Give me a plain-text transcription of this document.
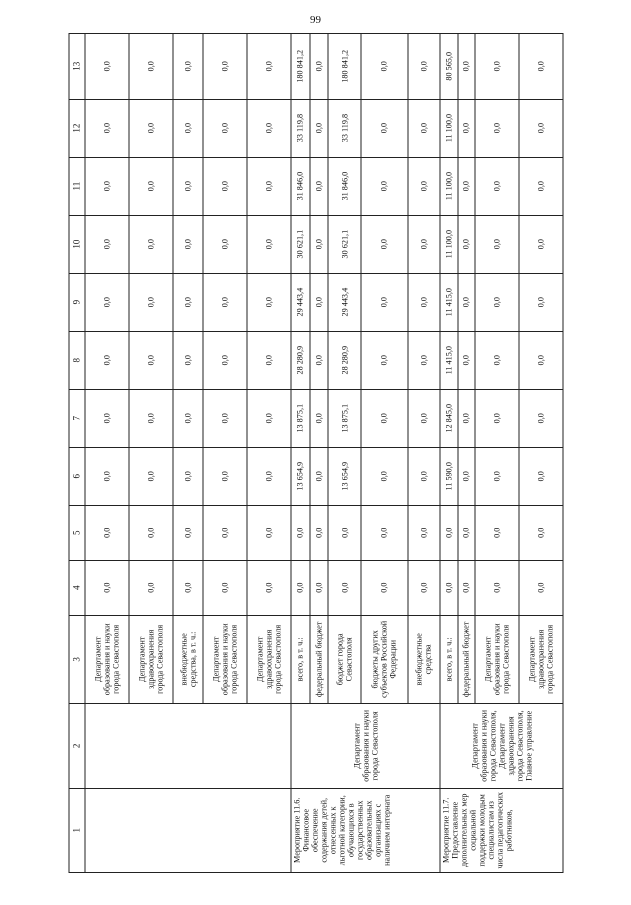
99
1	2	3	4	5	6	7	8	9	10	11	12	13
		Департамент образования и науки города Севастополя	0,0	0,0	0,0	0,0	0,0	0,0	0,0	0,0	0,0	0,0
		Департамент здравоохранения города Севастополя	0,0	0,0	0,0	0,0	0,0	0,0	0,0	0,0	0,0	0,0
		внебюджетные средства, в т. ч.:	0,0	0,0	0,0	0,0	0,0	0,0	0,0	0,0	0,0	0,0
		Департамент образования и науки города Севастополя	0,0	0,0	0,0	0,0	0,0	0,0	0,0	0,0	0,0	0,0
		Департамент здравоохранения города Севастополя	0,0	0,0	0,0	0,0	0,0	0,0	0,0	0,0	0,0	0,0
Мероприятие 11.6. Финансовое обеспечение содержания детей, отнесенных к льготной категории, обучающихся в государственных образовательных организациях с наличием интерната	Департамент образования и науки города Севастополя	всего, в т. ч.:	0,0	0,0	13 654,9	13 875,1	28 280,9	29 443,4	30 621,1	31 846,0	33 119,8	180 841,2
		федеральный бюджет	0,0	0,0	0,0	0,0	0,0	0,0	0,0	0,0	0,0	0,0
		бюджет города Севастополя	0,0	0,0	13 654,9	13 875,1	28 280,9	29 443,4	30 621,1	31 846,0	33 119,8	180 841,2
		бюджеты других субъектов Российской Федерации	0,0	0,0	0,0	0,0	0,0	0,0	0,0	0,0	0,0	0,0
		внебюджетные средства	0,0	0,0	0,0	0,0	0,0	0,0	0,0	0,0	0,0	0,0
Мероприятие 11.7. Предоставление дополнительных мер социальной поддержки молодым специалистам из числа педагогических работников,	Департамент образования и науки города Севастополя, Департамент здравоохранения города Севастополя, Главное управление	всего, в т. ч.:	0,0	0,0	11 590,0	12 845,0	11 415,0	11 415,0	11 100,0	11 100,0	11 100,0	80 565,0
		федеральный бюджет	0,0	0,0	0,0	0,0	0,0	0,0	0,0	0,0	0,0	0,0
		Департамент образования и науки города Севастополя	0,0	0,0	0,0	0,0	0,0	0,0	0,0	0,0	0,0	0,0
		Департамент здравоохранения города Севастополя	0,0	0,0	0,0	0,0	0,0	0,0	0,0	0,0	0,0	0,0
